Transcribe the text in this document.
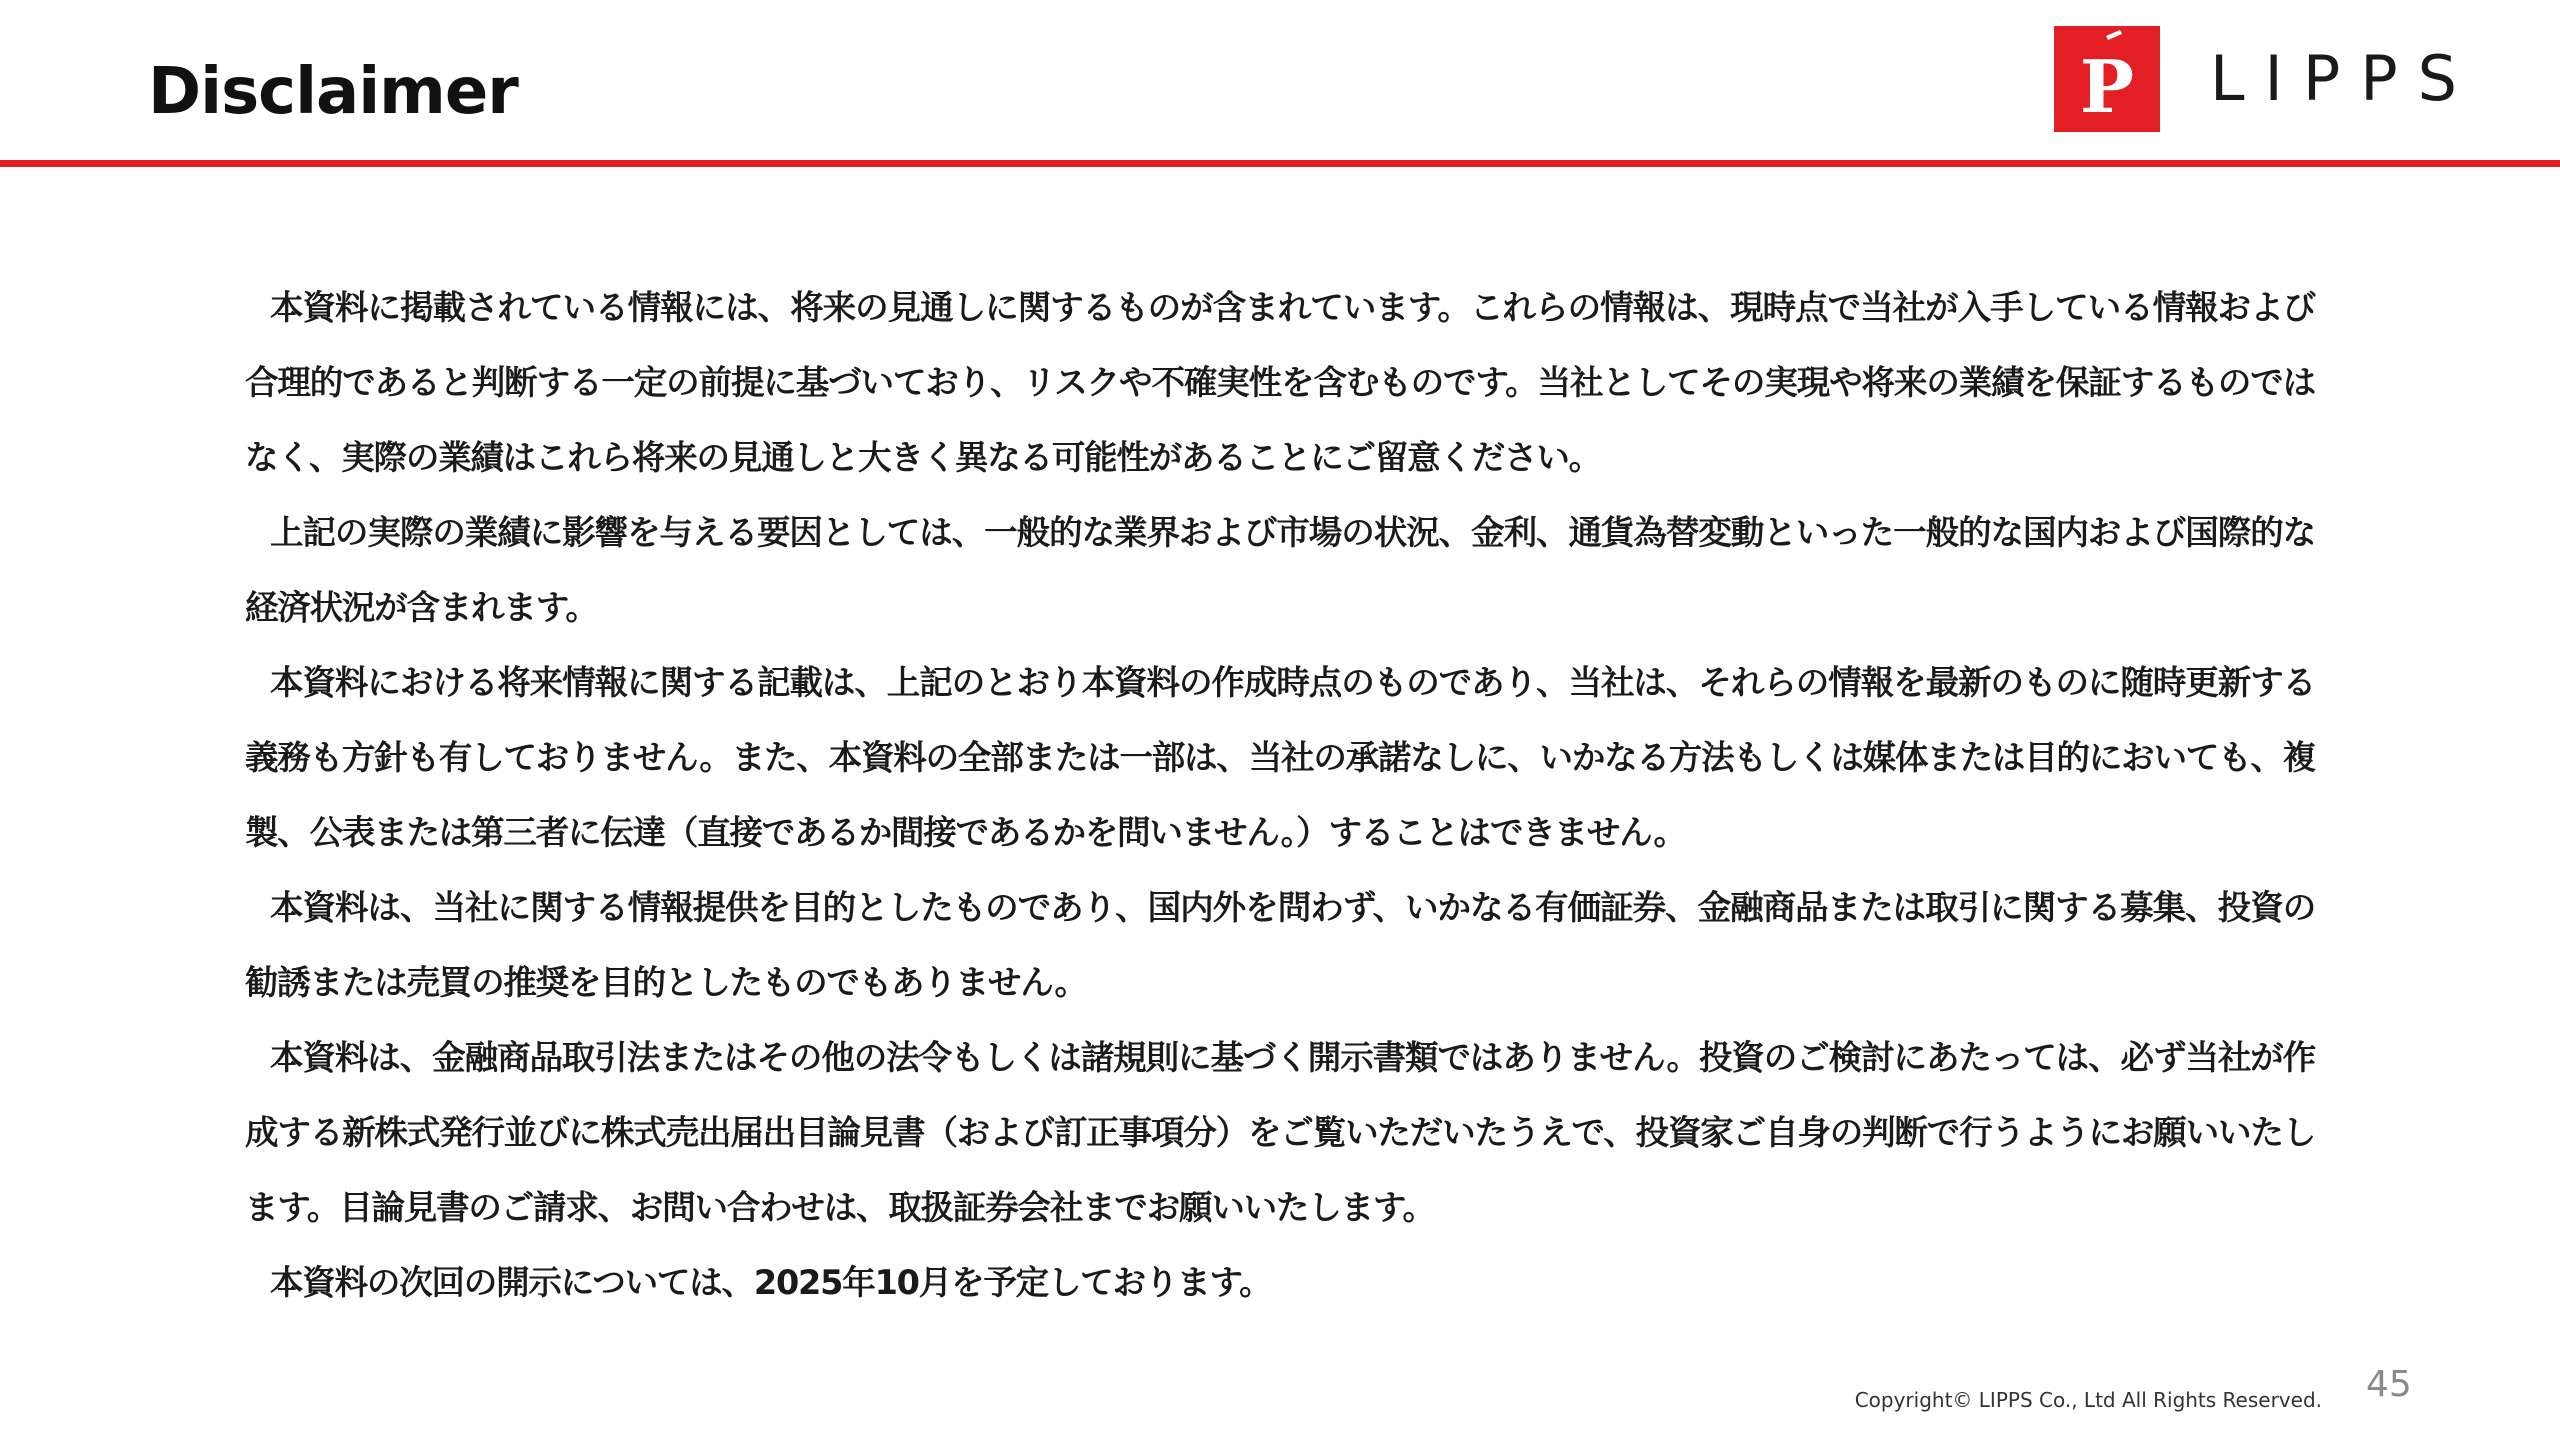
Disclaimer	P LIPPS

本資料に掲載されている情報には、将来の見通しに関するものが含まれています。これらの情報は、現時点で当社が入手している情報および合理的であると判断する一定の前提に基づいており、リスクや不確実性を含むものです。当社としてその実現や将来の業績を保証するものではなく、実際の業績はこれら将来の見通しと大きく異なる可能性があることにご留意ください。

上記の実際の業績に影響を与える要因としては、一般的な業界および市場の状況、金利、通貨為替変動といった一般的な国内および国際的な経済状況が含まれます。

本資料における将来情報に関する記載は、上記のとおり本資料の作成時点のものであり、当社は、それらの情報を最新のものに随時更新する義務も方針も有しておりません。また、本資料の全部または一部は、当社の承諾なしに、いかなる方法もしくは媒体または目的においても、複製、公表または第三者に伝達（直接であるか間接であるかを問いません。）することはできません。

本資料は、当社に関する情報提供を目的としたものであり、国内外を問わず、いかなる有価証券、金融商品または取引に関する募集、投資の勧誘または売買の推奨を目的としたものでもありません。

本資料は、金融商品取引法またはその他の法令もしくは諸規則に基づく開示書類ではありません。投資のご検討にあたっては、必ず当社が作成する新株式発行並びに株式売出届出目論見書（および訂正事項分）をご覧いただいたうえで、投資家ご自身の判断で行うようにお願いいたします。目論見書のご請求、お問い合わせは、取扱証券会社までお願いいたします。

本資料の次回の開示については、2025年10月を予定しております。

Copyright© LIPPS Co., Ltd All Rights Reserved. 45
